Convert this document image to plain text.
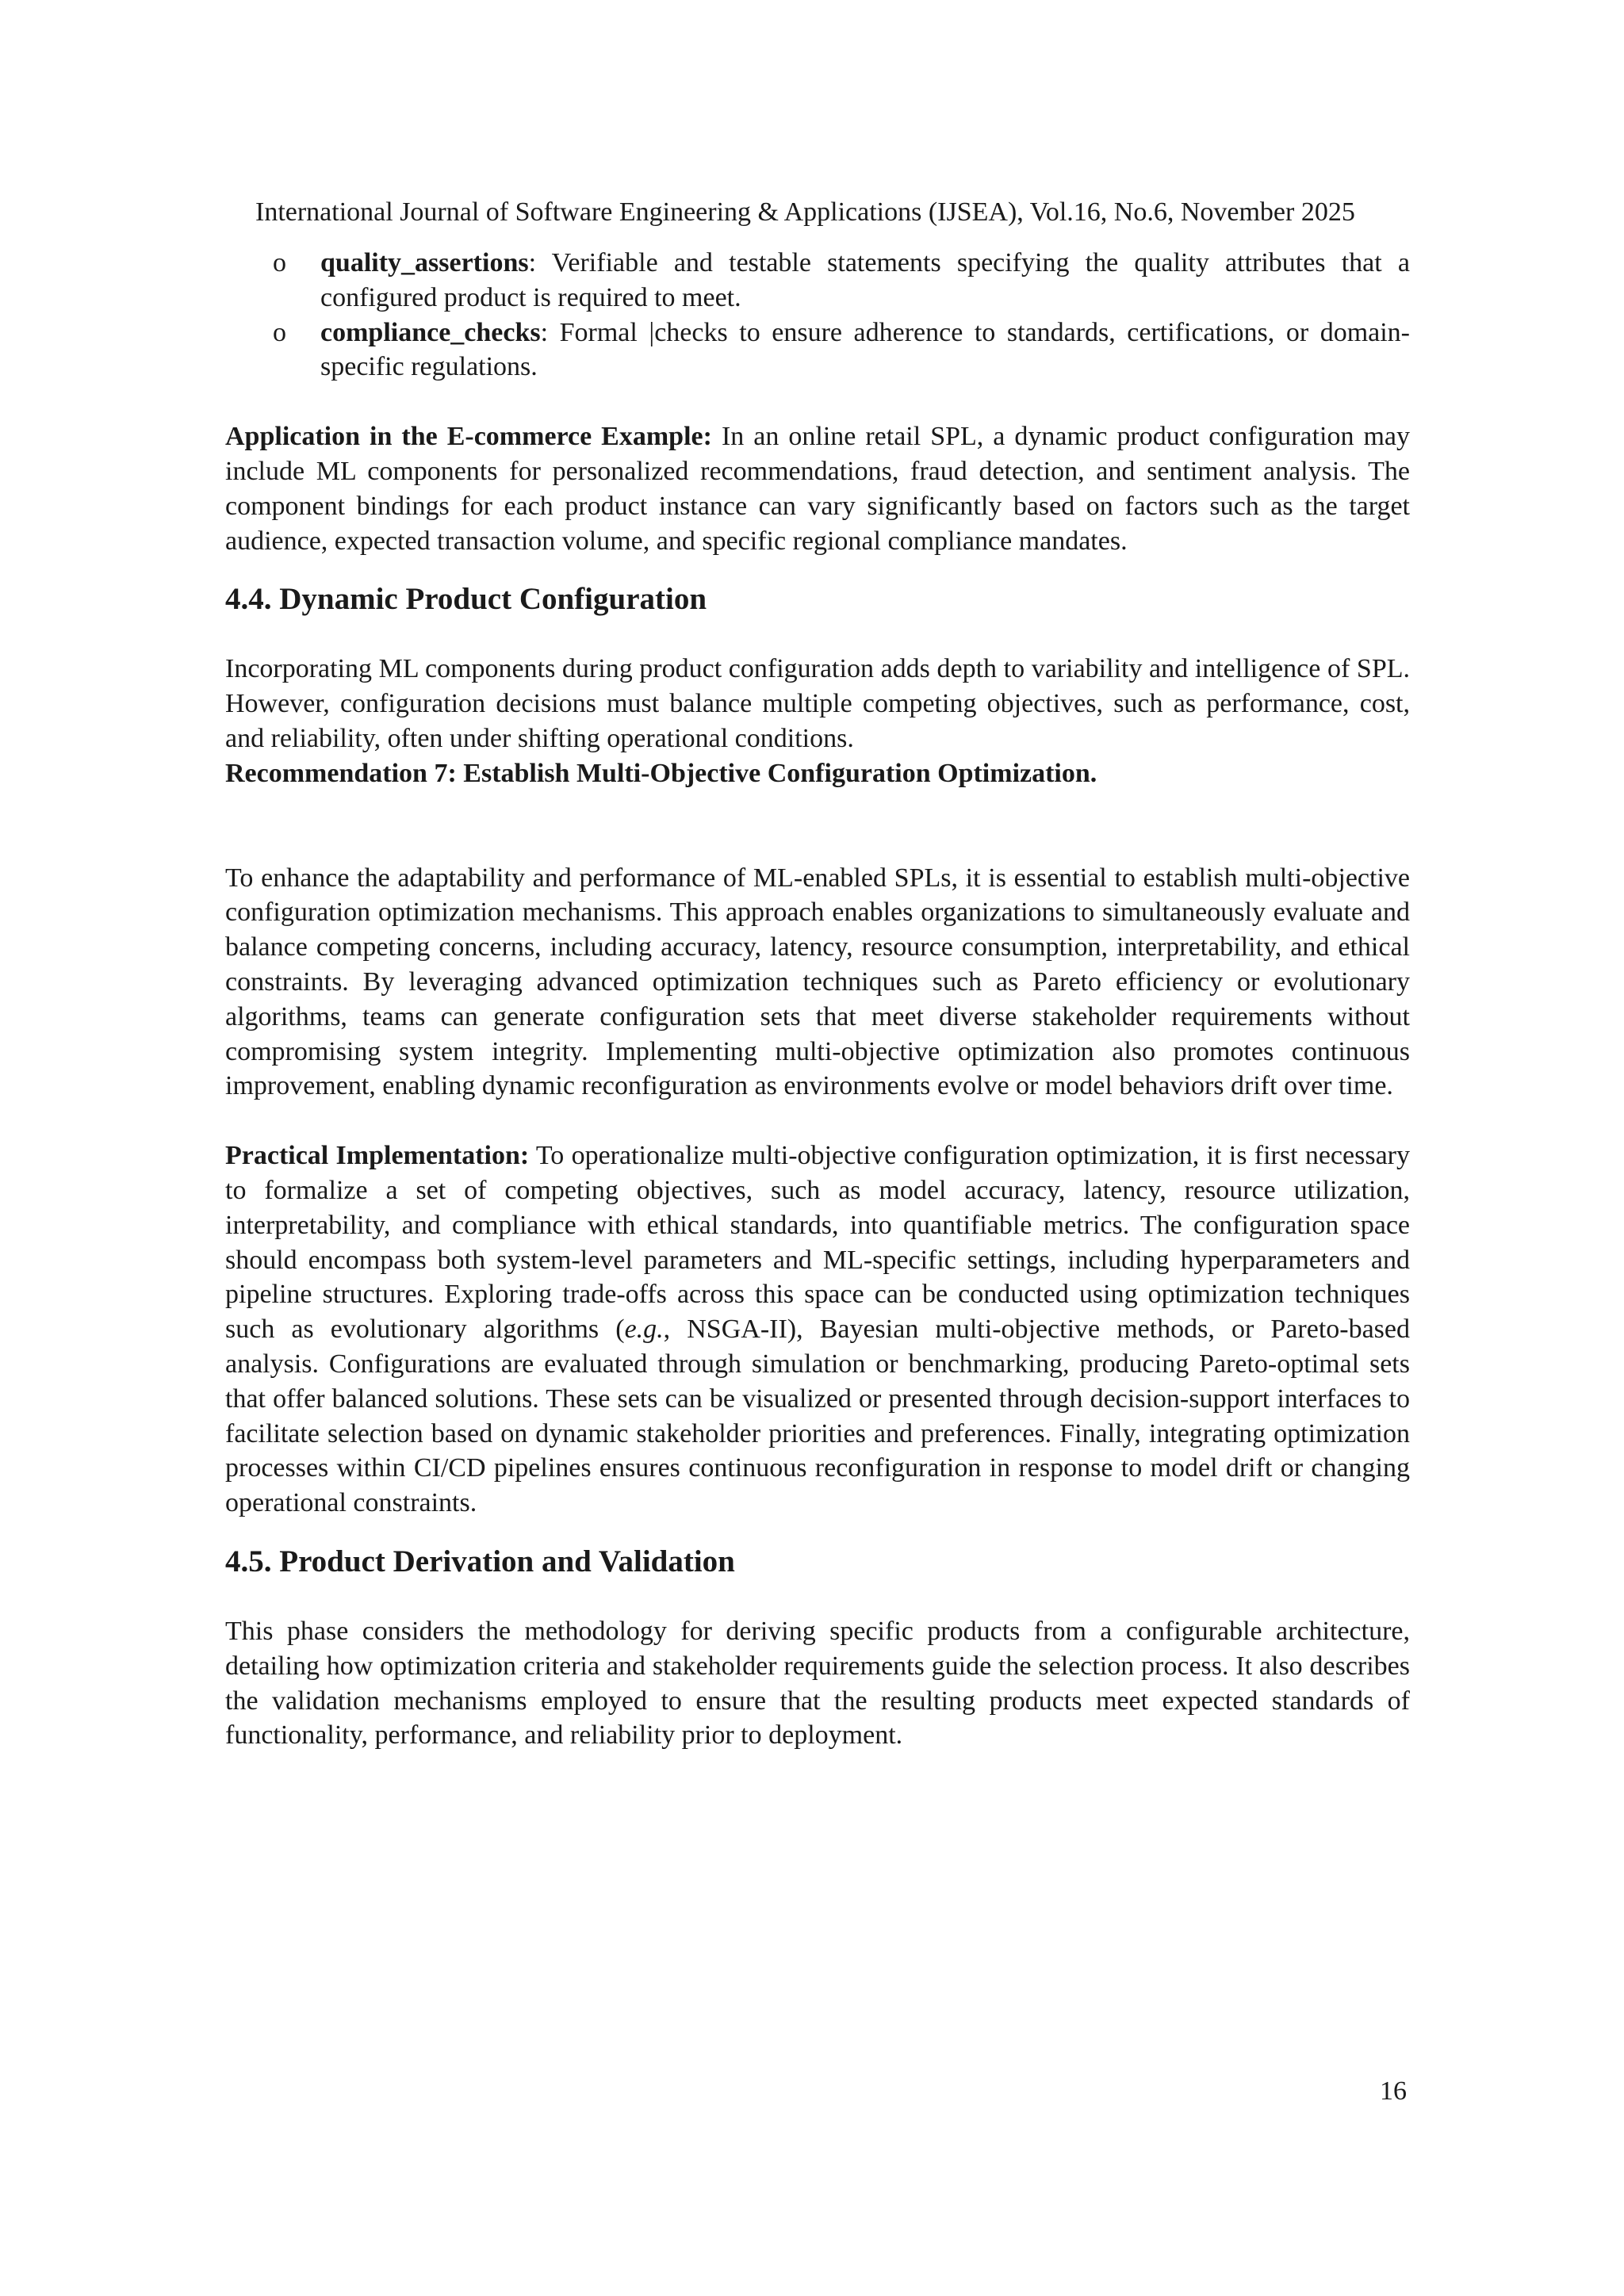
International Journal of Software Engineering & Applications (IJSEA), Vol.16, No.6, November 2025
o quality_assertions: Verifiable and testable statements specifying the quality attributes that a configured product is required to meet.
o compliance_checks: Formal |checks to ensure adherence to standards, certifications, or domain-specific regulations.

Application in the E-commerce Example: In an online retail SPL, a dynamic product configuration may include ML components for personalized recommendations, fraud detection, and sentiment analysis. The component bindings for each product instance can vary significantly based on factors such as the target audience, expected transaction volume, and specific regional compliance mandates.

4.4. Dynamic Product Configuration

Incorporating ML components during product configuration adds depth to variability and intelligence of SPL. However, configuration decisions must balance multiple competing objectives, such as performance, cost, and reliability, often under shifting operational conditions.

Recommendation 7: Establish Multi-Objective Configuration Optimization.

To enhance the adaptability and performance of ML-enabled SPLs, it is essential to establish multi-objective configuration optimization mechanisms. This approach enables organizations to simultaneously evaluate and balance competing concerns, including accuracy, latency, resource consumption, interpretability, and ethical constraints. By leveraging advanced optimization techniques such as Pareto efficiency or evolutionary algorithms, teams can generate configuration sets that meet diverse stakeholder requirements without compromising system integrity. Implementing multi-objective optimization also promotes continuous improvement, enabling dynamic reconfiguration as environments evolve or model behaviors drift over time.

Practical Implementation: To operationalize multi-objective configuration optimization, it is first necessary to formalize a set of competing objectives, such as model accuracy, latency, resource utilization, interpretability, and compliance with ethical standards, into quantifiable metrics. The configuration space should encompass both system-level parameters and ML-specific settings, including hyperparameters and pipeline structures. Exploring trade-offs across this space can be conducted using optimization techniques such as evolutionary algorithms (e.g., NSGA-II), Bayesian multi-objective methods, or Pareto-based analysis. Configurations are evaluated through simulation or benchmarking, producing Pareto-optimal sets that offer balanced solutions. These sets can be visualized or presented through decision-support interfaces to facilitate selection based on dynamic stakeholder priorities and preferences. Finally, integrating optimization processes within CI/CD pipelines ensures continuous reconfiguration in response to model drift or changing operational constraints.

4.5. Product Derivation and Validation

This phase considers the methodology for deriving specific products from a configurable architecture, detailing how optimization criteria and stakeholder requirements guide the selection process. It also describes the validation mechanisms employed to ensure that the resulting products meet expected standards of functionality, performance, and reliability prior to deployment.

16
